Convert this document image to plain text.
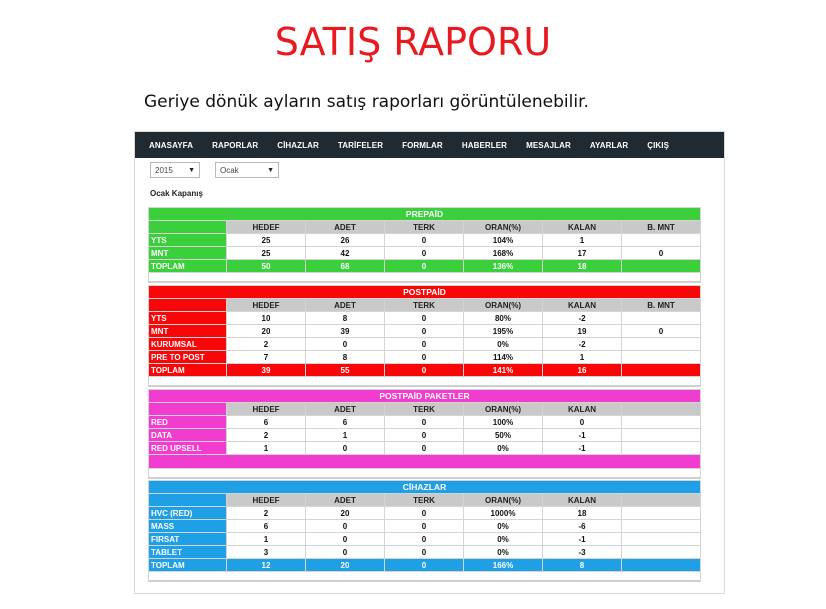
SATIŞ RAPORU
Geriye dönük ayların satış raporları görüntülenebilir.
ANASAYFA RAPORLAR CİHAZLAR TARİFELER FORMLAR HABERLER MESAJLAR AYARLAR ÇIKIŞ
2015 ▼	Ocak	▼
Ocak Kapanış
PREPAİD						
	HEDEF	ADET	TERK	ORAN(%)	KALAN	B. MNT
YTS	25	26	0	104%	1	
MNT	25	42	0	168%	17	0
TOPLAM	50	68	0	136%	18	
POSTPAİD						
	HEDEF	ADET	TERK	ORAN(%)	KALAN	B. MNT
YTS	10	8	0	80%	-2	
MNT	20	39	0	195%	19	0
KURUMSAL	2	0	0	0%	-2	
PRE TO POST	7	8	0	114%	1	
TOPLAM	39	55	0	141%	16	
POSTPAİD PAKETLER						
	HEDEF	ADET	TERK	ORAN(%)	KALAN	
RED	6	6	0	100%	0	
DATA	2	1	0	50%	-1	
RED UPSELL	1	0	0	0%	-1	

CİHAZLAR						
	HEDEF	ADET	TERK	ORAN(%)	KALAN	
HVC (RED)	2	20	0	1000%	18	
MASS	6	0	0	0%	-6	
FIRSAT	1	0	0	0%	-1	
TABLET	3	0	0	0%	-3	
TOPLAM	12	20	0	166%	8	
